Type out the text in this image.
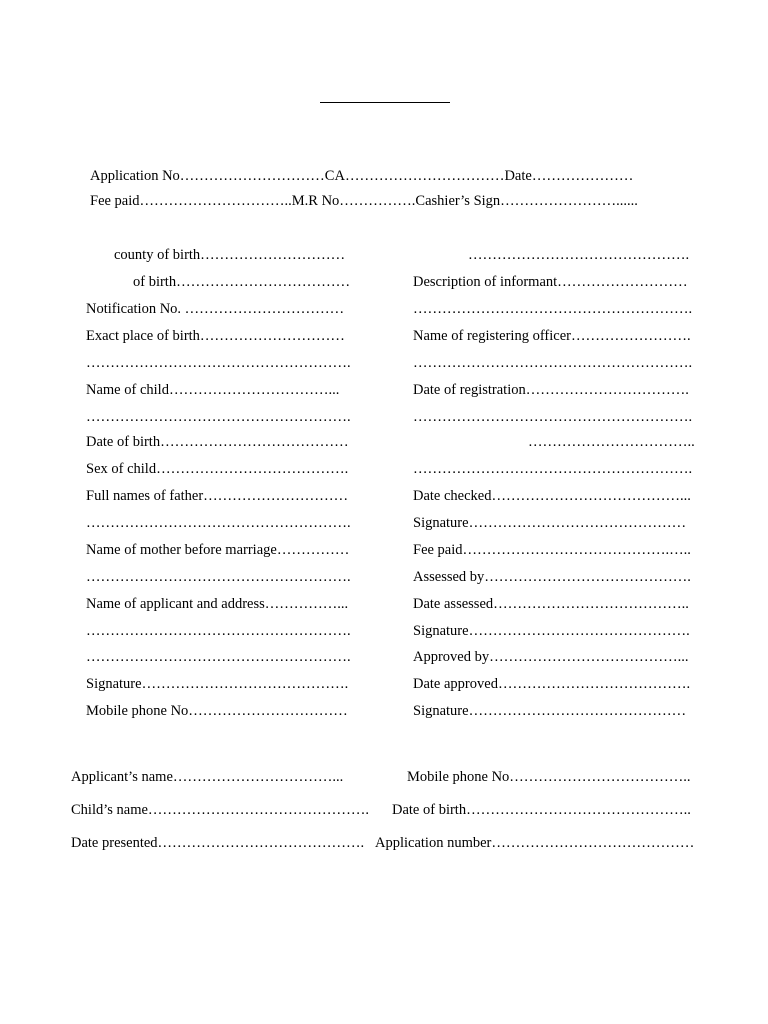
Application No…………………………CA……………………………Date…………………
Fee paid…………………………..M.R No…………….Cashier’s Sign……………………......
county of birth…………………………
of birth………………………………
Notification No. ……………………………
Exact place of birth…………………………
……………………………………………….
Name of child……………………………...
……………………………………………….
Date of birth…………………………………
Sex of child………………………………….
Full names of father…………………………
……………………………………………….
Name of mother before marriage……………
……………………………………………….
Name of applicant and address……………...
……………………………………………….
……………………………………………….
Signature…………………………………….
Mobile phone No……………………………
……………………………………….
Description of informant………………………
………………………………………………….
Name of registering officer…………………….
………………………………………………….
Date of registration…………………………….
………………………………………………….
……………………………..
………………………………………………….
Date checked…………………………………...
Signature………………………………………
Fee paid…………………………………….…..
Assessed by…………………………………….
Date assessed…………………………………..
Signature……………………………………….
Approved by…………………………………...
Date approved………………………………….
Signature………………………………………
Applicant’s name……………………………...	Mobile phone No………………………………..
Child’s name………………………………………. Date of birth………………………………………..
Date presented……………………………………. Application number……………………………………
